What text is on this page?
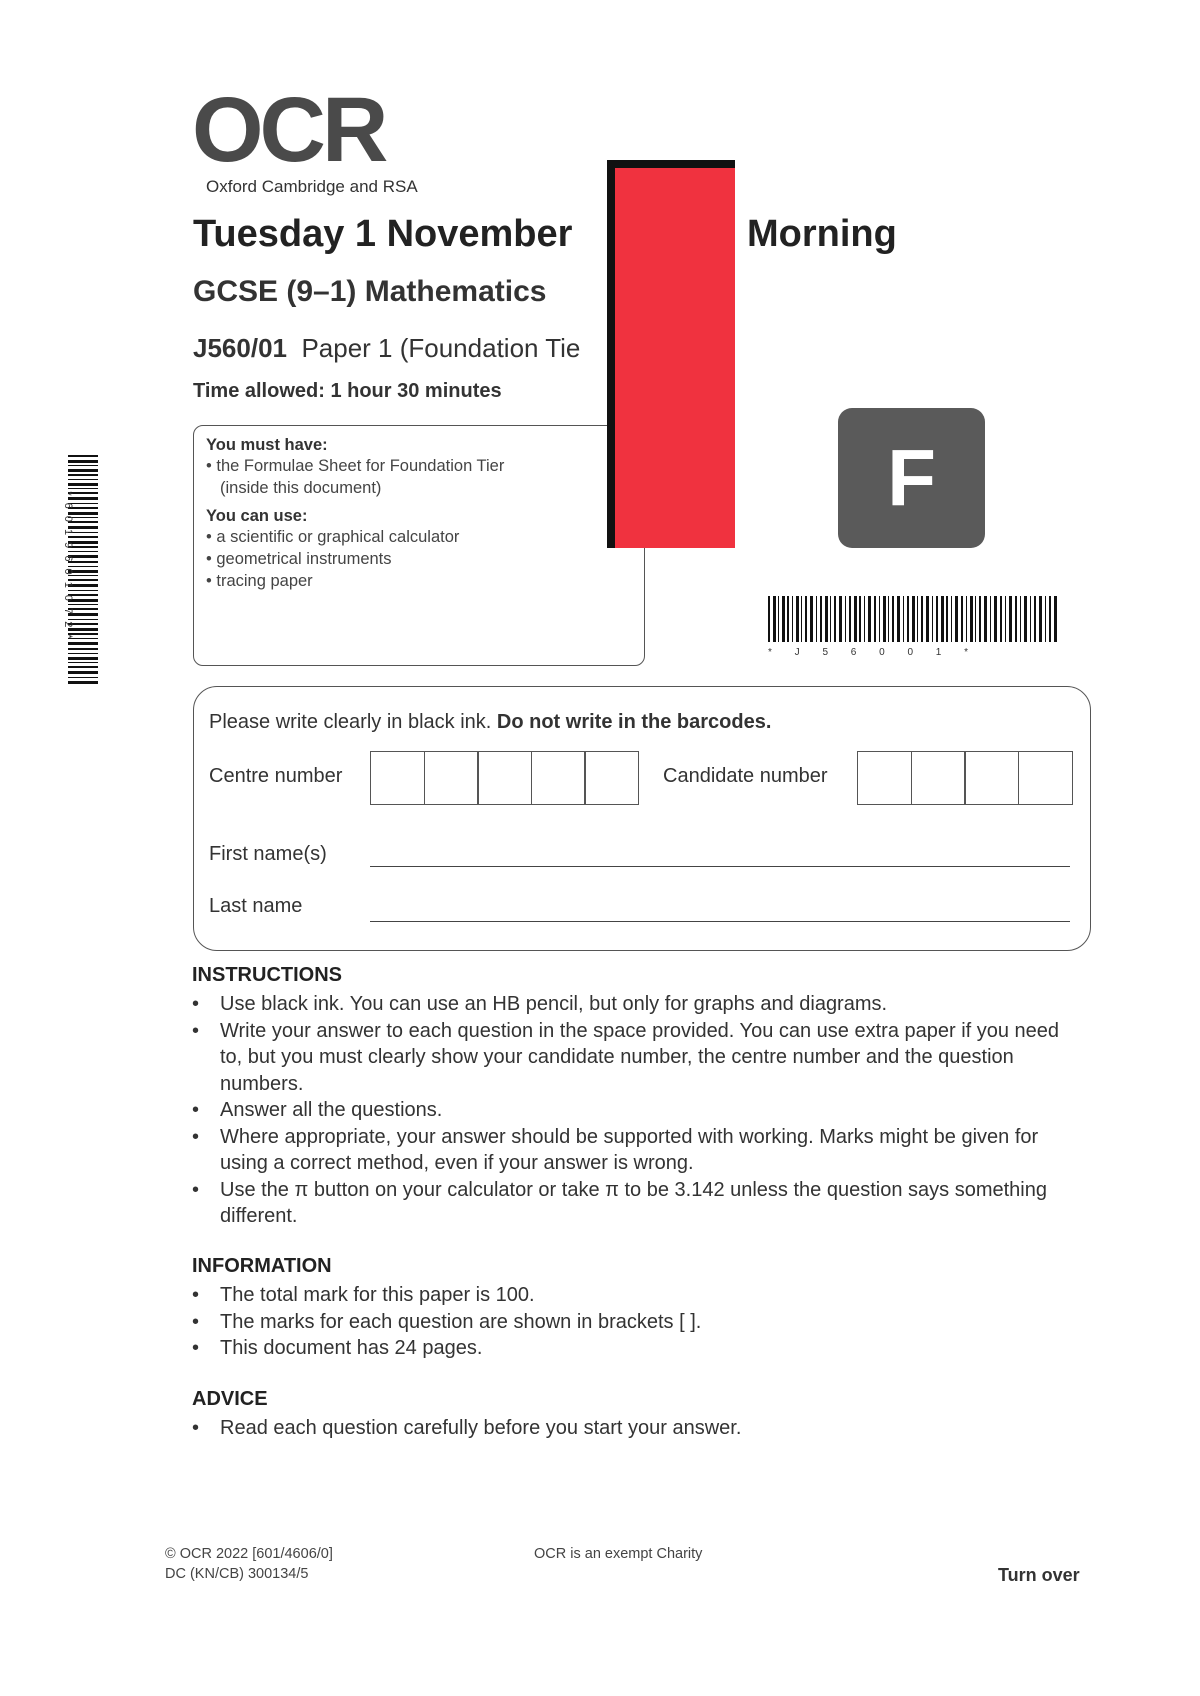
OCR
Oxford Cambridge and RSA
Tuesday 1 November	Morning
GCSE (9–1) Mathematics
J560/01 Paper 1 (Foundation Tie
Time allowed: 1 hour 30 minutes
You must have:
• the Formulae Sheet for Foundation Tier (inside this document)
You can use:
• a scientific or graphical calculator
• geometrical instruments
• tracing paper
F
* 6 0 1 9 6 0 1 0 7 2 *
* J 5 6 0 0 1 *
Please write clearly in black ink. Do not write in the barcodes.
Centre number	Candidate number
First name(s)
Last name
INSTRUCTIONS
• Use black ink. You can use an HB pencil, but only for graphs and diagrams.
• Write your answer to each question in the space provided. You can use extra paper if you need to, but you must clearly show your candidate number, the centre number and the question numbers.
• Answer all the questions.
• Where appropriate, your answer should be supported with working. Marks might be given for using a correct method, even if your answer is wrong.
• Use the π button on your calculator or take π to be 3.142 unless the question says something different.
INFORMATION
• The total mark for this paper is 100.
• The marks for each question are shown in brackets [ ].
• This document has 24 pages.
ADVICE
• Read each question carefully before you start your answer.
© OCR 2022 [601/4606/0]
DC (KN/CB) 300134/5
OCR is an exempt Charity
Turn over
